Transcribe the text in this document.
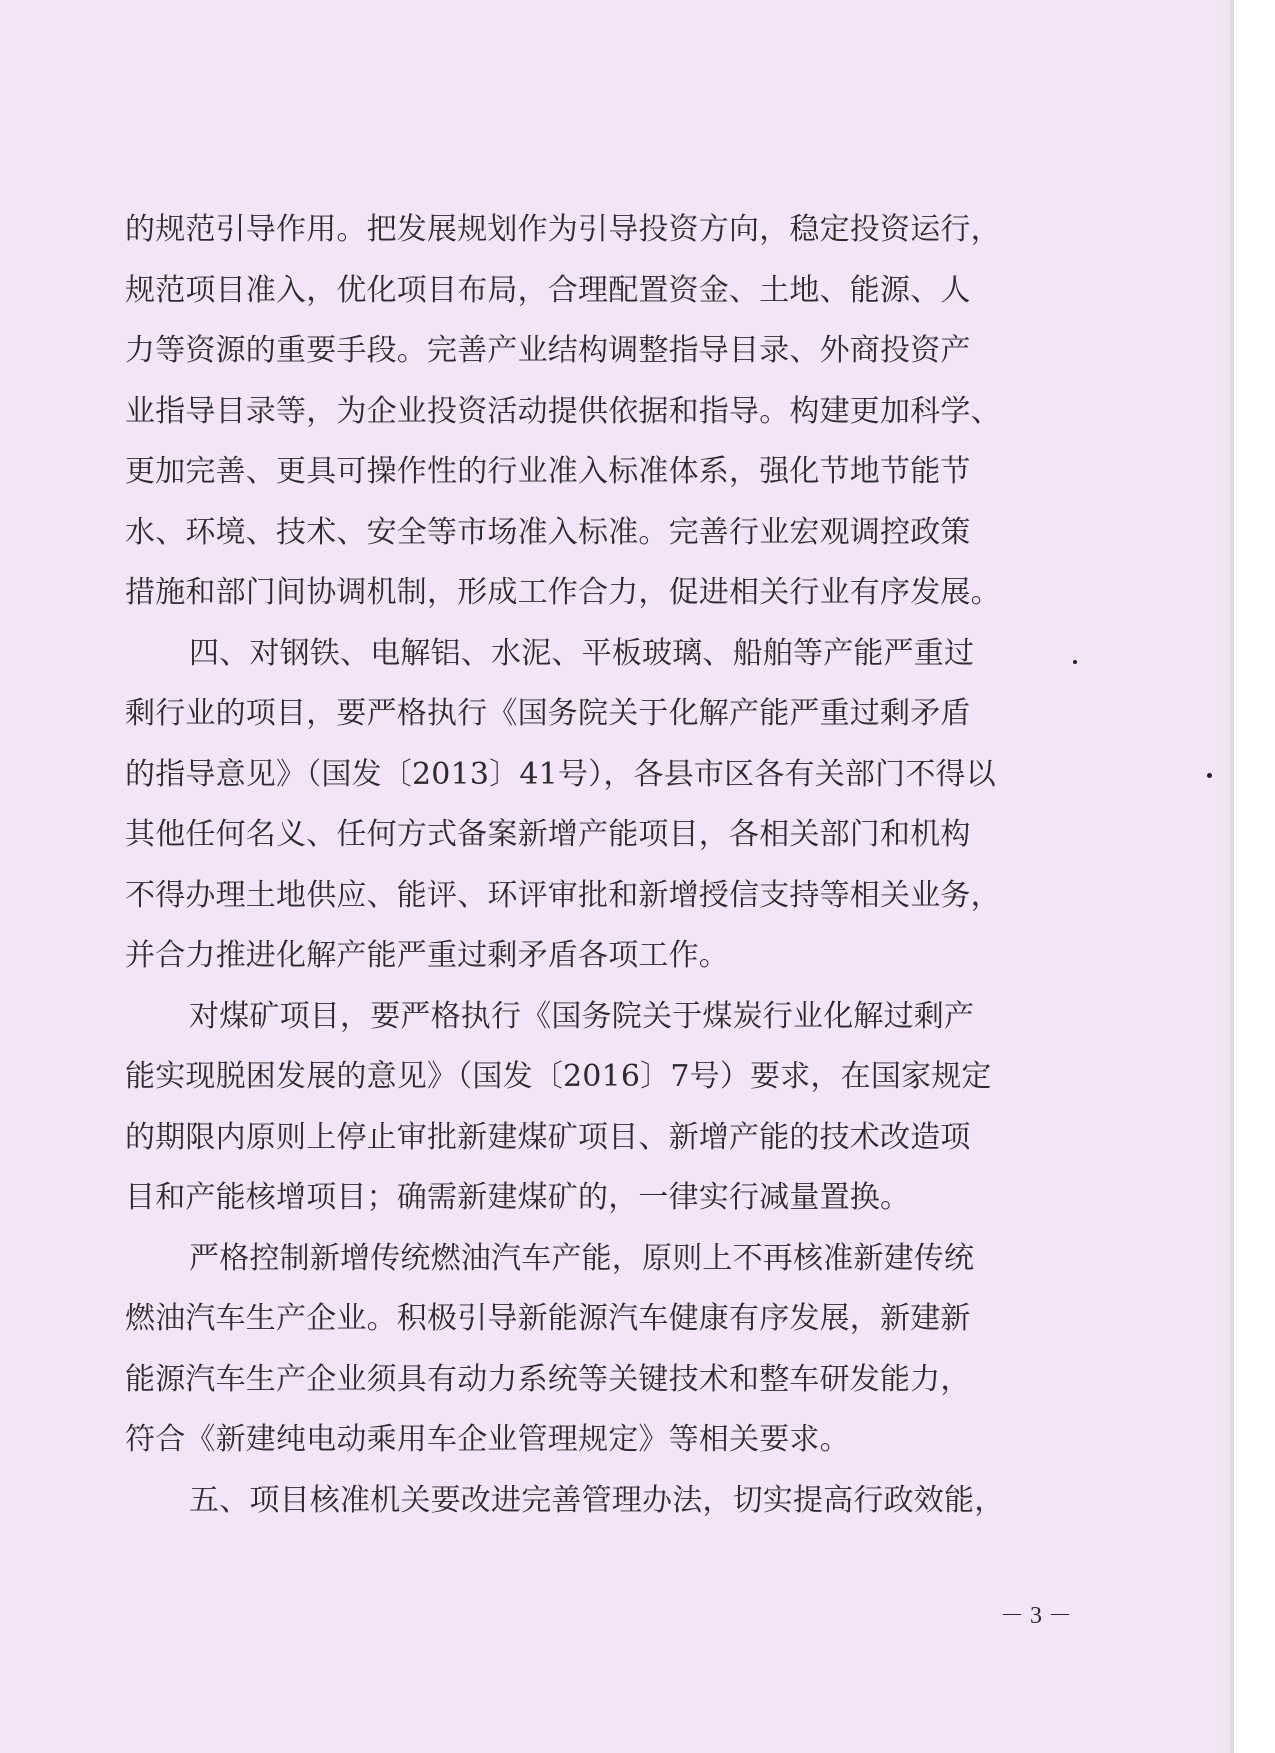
的规范引导作用。把发展规划作为引导投资方向，稳定投资运行，
规范项目准入，优化项目布局，合理配置资金、土地、能源、人
力等资源的重要手段。完善产业结构调整指导目录、外商投资产
业指导目录等，为企业投资活动提供依据和指导。构建更加科学、
更加完善、更具可操作性的行业准入标准体系，强化节地节能节
水、环境、技术、安全等市场准入标准。完善行业宏观调控政策
措施和部门间协调机制，形成工作合力，促进相关行业有序发展。
四、对钢铁、电解铝、水泥、平板玻璃、船舶等产能严重过
剩行业的项目，要严格执行《国务院关于化解产能严重过剩矛盾
的指导意见》（国发〔2013〕41号），各县市区各有关部门不得以
其他任何名义、任何方式备案新增产能项目，各相关部门和机构
不得办理土地供应、能评、环评审批和新增授信支持等相关业务，
并合力推进化解产能严重过剩矛盾各项工作。
对煤矿项目，要严格执行《国务院关于煤炭行业化解过剩产
能实现脱困发展的意见》（国发〔2016〕7号）要求，在国家规定
的期限内原则上停止审批新建煤矿项目、新增产能的技术改造项
目和产能核增项目；确需新建煤矿的，一律实行减量置换。
严格控制新增传统燃油汽车产能，原则上不再核准新建传统
燃油汽车生产企业。积极引导新能源汽车健康有序发展，新建新
能源汽车生产企业须具有动力系统等关键技术和整车研发能力，
符合《新建纯电动乘用车企业管理规定》等相关要求。
五、项目核准机关要改进完善管理办法，切实提高行政效能，
－ 3 －
